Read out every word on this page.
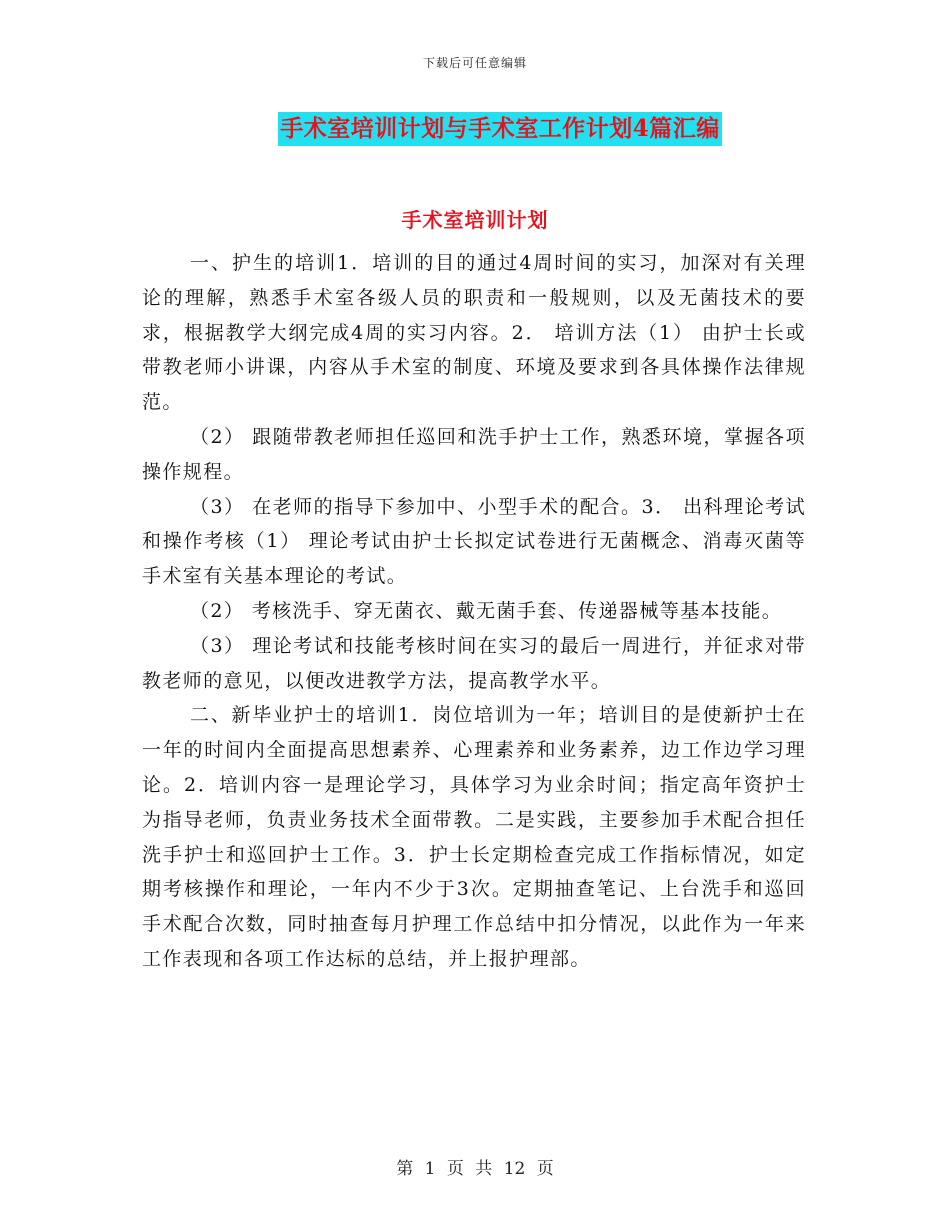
下载后可任意编辑
手术室培训计划与手术室工作计划4篇汇编
手术室培训计划

一、护生的培训1．培训的目的通过4周时间的实习，加深对有关理论的理解，熟悉手术室各级人员的职责和一般规则，以及无菌技术的要求，根据教学大纲完成4周的实习内容。2． 培训方法（1） 由护士长或带教老师小讲课，内容从手术室的制度、环境及要求到各具体操作法律规范。

（2） 跟随带教老师担任巡回和洗手护士工作，熟悉环境，掌握各项操作规程。

（3） 在老师的指导下参加中、小型手术的配合。3． 出科理论考试和操作考核（1） 理论考试由护士长拟定试卷进行无菌概念、消毒灭菌等手术室有关基本理论的考试。

（2） 考核洗手、穿无菌衣、戴无菌手套、传递器械等基本技能。

（3） 理论考试和技能考核时间在实习的最后一周进行，并征求对带教老师的意见，以便改进教学方法，提高教学水平。

二、新毕业护士的培训1．岗位培训为一年；培训目的是使新护士在一年的时间内全面提高思想素养、心理素养和业务素养，边工作边学习理论。2．培训内容一是理论学习，具体学习为业余时间；指定高年资护士为指导老师，负责业务技术全面带教。二是实践，主要参加手术配合担任洗手护士和巡回护士工作。3．护士长定期检查完成工作指标情况，如定期考核操作和理论，一年内不少于3次。定期抽查笔记、上台洗手和巡回手术配合次数，同时抽查每月护理工作总结中扣分情况，以此作为一年来工作表现和各项工作达标的总结，并上报护理部。

第 1 页 共 12 页
